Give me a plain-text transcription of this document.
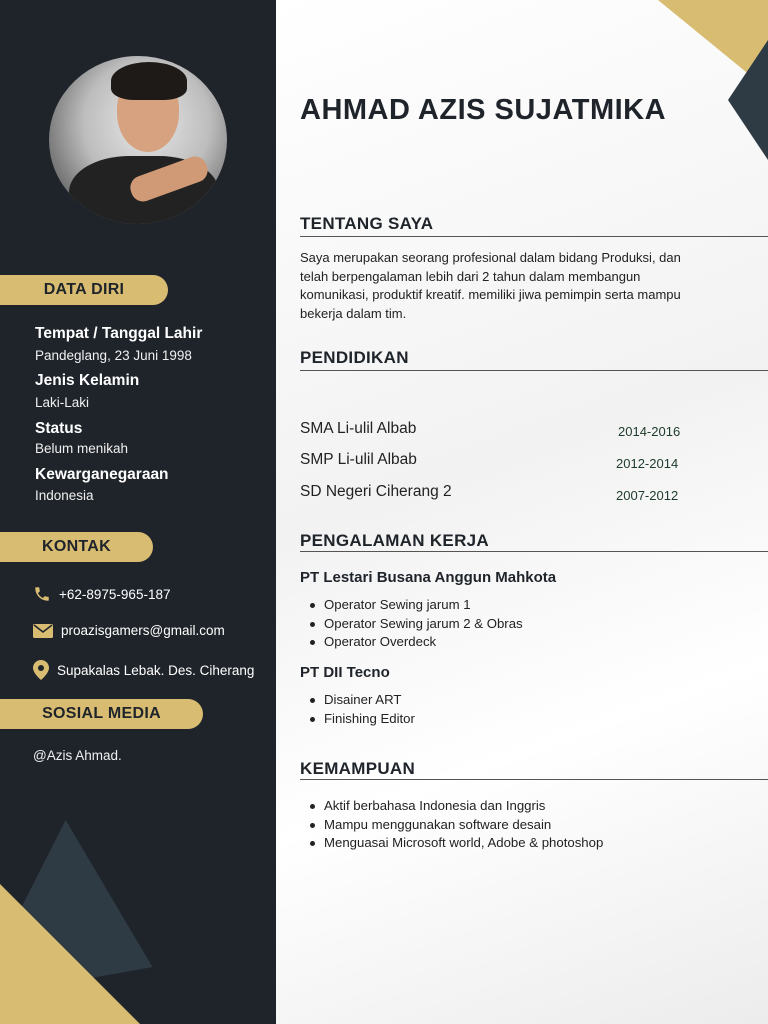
DATA DIRI
Tempat / Tanggal Lahir
Pandeglang, 23 Juni 1998
Jenis Kelamin
Laki-Laki
Status
Belum menikah
Kewarganegaraan
Indonesia
KONTAK
+62-8975-965-187
proazisgamers@gmail.com
Supakalas Lebak. Des. Ciherang
SOSIAL MEDIA
@Azis Ahmad.
AHMAD AZIS SUJATMIKA
TENTANG SAYA
Saya merupakan seorang profesional dalam bidang Produksi, dan
telah berpengalaman lebih dari 2 tahun dalam membangun
komunikasi, produktif kreatif. memiliki jiwa pemimpin serta mampu
bekerja dalam tim.
PENDIDIKAN
SMA Li-ulil Albab	2014-2016
SMP Li-ulil Albab	2012-2014
SD Negeri Ciherang 2	2007-2012
PENGALAMAN KERJA
PT Lestari Busana Anggun Mahkota
Operator Sewing jarum 1
Operator Sewing jarum 2 & Obras
Operator Overdeck
PT DII Tecno
Disainer ART
Finishing Editor
KEMAMPUAN
Aktif berbahasa Indonesia dan Inggris
Mampu menggunakan software desain
Menguasai Microsoft world, Adobe & photoshop
